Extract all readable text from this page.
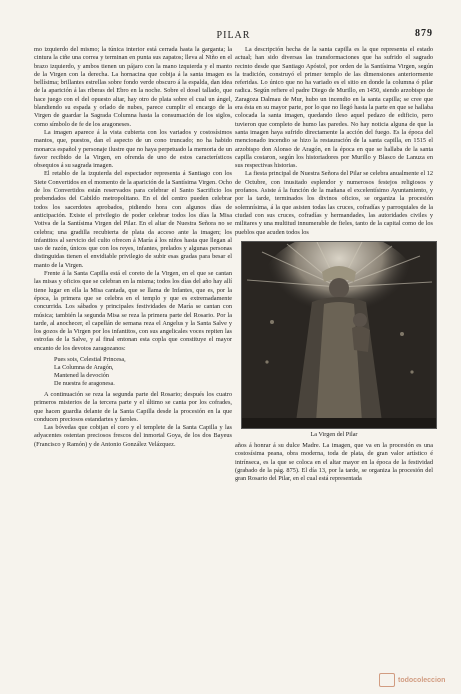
PILAR	879

mo izquierdo del mismo; la túnica interior está cerrada hasta la garganta; la cintura la ciñe una correa y terminan en punta sus zapatos; lleva al Niño en el brazo izquierdo, y ambos tienen un pájaro con la mano izquierda y el manto de la Virgen con la derecha. La hornacina que cobija á la santa imagen es bellísima; brillantes estrellas sobre fondo verde obscuro á la espalda, dan idea de la aparición á las riberas del Ebro en la noche. Sobre el dosel tallado, que hace juego con el del opuesto altar, hay otro de plata sobre el cual un ángel, blandiendo su espada y orlado de nubes, parece cumplir el encargo de la Virgen de guardar la Sagrada Columna hasta la consumación de los siglos, como símbolo de fe de los aragoneses.

La imagen aparece á la vista cubierta con los variados y costosísimos mantos, que, puestos, dan el aspecto de un cono truncado; no ha habido monarca español y personaje ilustre que no haya perpetuado la memoria de un favor recibido de la Virgen, en ofrenda de uno de estos característicos obsequios á su sagrada imagen.

El retablo de la izquierda del espectador representa á Santiago con los Siete Convertidos en el momento de la aparición de la Santísima Virgen. Ocho de los Convertidos están reservados para celebrar el Santo Sacrificio los prebendados del Cabildo metropolitano. En el del centro pueden celebrar todos los sacerdotes aprobados, pidiendo hora con algunos días de anticipación. Existe el privilegio de poder celebrar todos los días la Misa Votiva de la Santísima Virgen del Pilar. En el altar de Nuestra Señora no se celebra; una gradilla recubierta de plata da acceso ante la imagen; los infantitos al servicio del culto ofrecen á María á los niños hasta que llegan al uso de razón, únicos que con los reyes, infantes, prelados y algunas personas distinguidas tienen el envidiable privilegio de subir esas gradas para besar el manto de la Virgen.

Frente á la Santa Capilla está el coreto de la Virgen, en el que se cantan las misas y oficios que se celebran en la misma; todos los días del año hay allí tiene lugar en ella la Misa cantada, que se llama de Infantes, que es, por la época, la primera que se celebra en el templo y que es extremadamente concurrida. Los sábados y principales festividades de María se cantan con música; también la segunda Misa se reza la primera parte del Rosario. Por la tarde, al anochecer, el capellán de semana reza el Angelus y la Santa Salve y los gozos de la Virgen por los infantitos, con sus angelicales voces repiten las estrofas de la Salve, y al final entonan esta copla que constituye el mayor encanto de los devotos zaragozanos:

Pues sois, Celestial Princesa,
La Columna de Aragón,
Mantened la devoción
De nuestra fe aragonesa.

A continuación se reza la segunda parte del Rosario; después los cuatro primeros misterios de la tercera parte y el último se canta por los cofrades, que hacen guardia delante de la Santa Capilla desde la procesión en la que conducen preciosos estandartes y faroles.

Las bóvedas que cobijan el coro y el templete de la Santa Capilla y las adyacentes ostentan preciosos frescos del inmortal Goya, de los dos Bayeus (Francisco y Ramón) y de Antonio González Velázquez.

La descripción hecha de la santa capilla es la que representa el estado actual; han sido diversas las transformaciones que ha sufrido el sagrado recinto desde que Santiago Apóstol, por orden de la Santísima Virgen, según la tradición, construyó el primer templo de las dimensiones anteriormente referidas. Lo único que no ha variado es el sitio en donde la columna ó pilar radica. Según refiere el padre Diego de Murillo, en 1450, siendo arzobispo de Zaragoza Dalmau de Mur, hubo un incendio en la santa capilla; se cree que era ésta en su mayor parte, por lo que no llegó hasta la parte en que se hallaba colocada la santa imagen, quedando ileso aquel pedazo de edificio, pero tuvieron que completo de humo las paredes. No hay noticia alguna de que la santa imagen haya sufrido directamente la acción del fuego. Es la época del mencionado incendio se hizo la restauración de la santa capilla, en 1515 el arzobispo don Alonso de Aragón, en la época en que se hallaba de la santa capilla costaron, según los historiadores por Murillo y Blasco de Lanuza en sus respectivas historias.

La fiesta principal de Nuestra Señora del Pilar se celebra anualmente el 12 de Octubre, con inusitado esplendor y numerosos festejos religiosos y profanos. Asiste á la función de la mañana el excelentísimo Ayuntamiento, y por la tarde, terminados los divinos oficios, se organiza la procesión solemnísima, á la que asisten todas las cruces, cofradías y parroquiales de la ciudad con sus cruces, cofradías y hermandades, las autoridades civiles y militares y una multitud innumerable de fieles, tanto de la capital como de los pueblos que acuden todos los

La Virgen del Pilar

años á honrar á su dulce Madre. La imagen, que va en la procesión es una costosísima peana, obra moderna, toda de plata, de gran valor artístico é intrínseca, es la que se coloca en el altar mayor en la época de la festividad (grabado de la pág. 875). El día 13, por la tarde, se organiza la procesión del gran Rosario del Pilar, en el cual está representada

todocoleccion
